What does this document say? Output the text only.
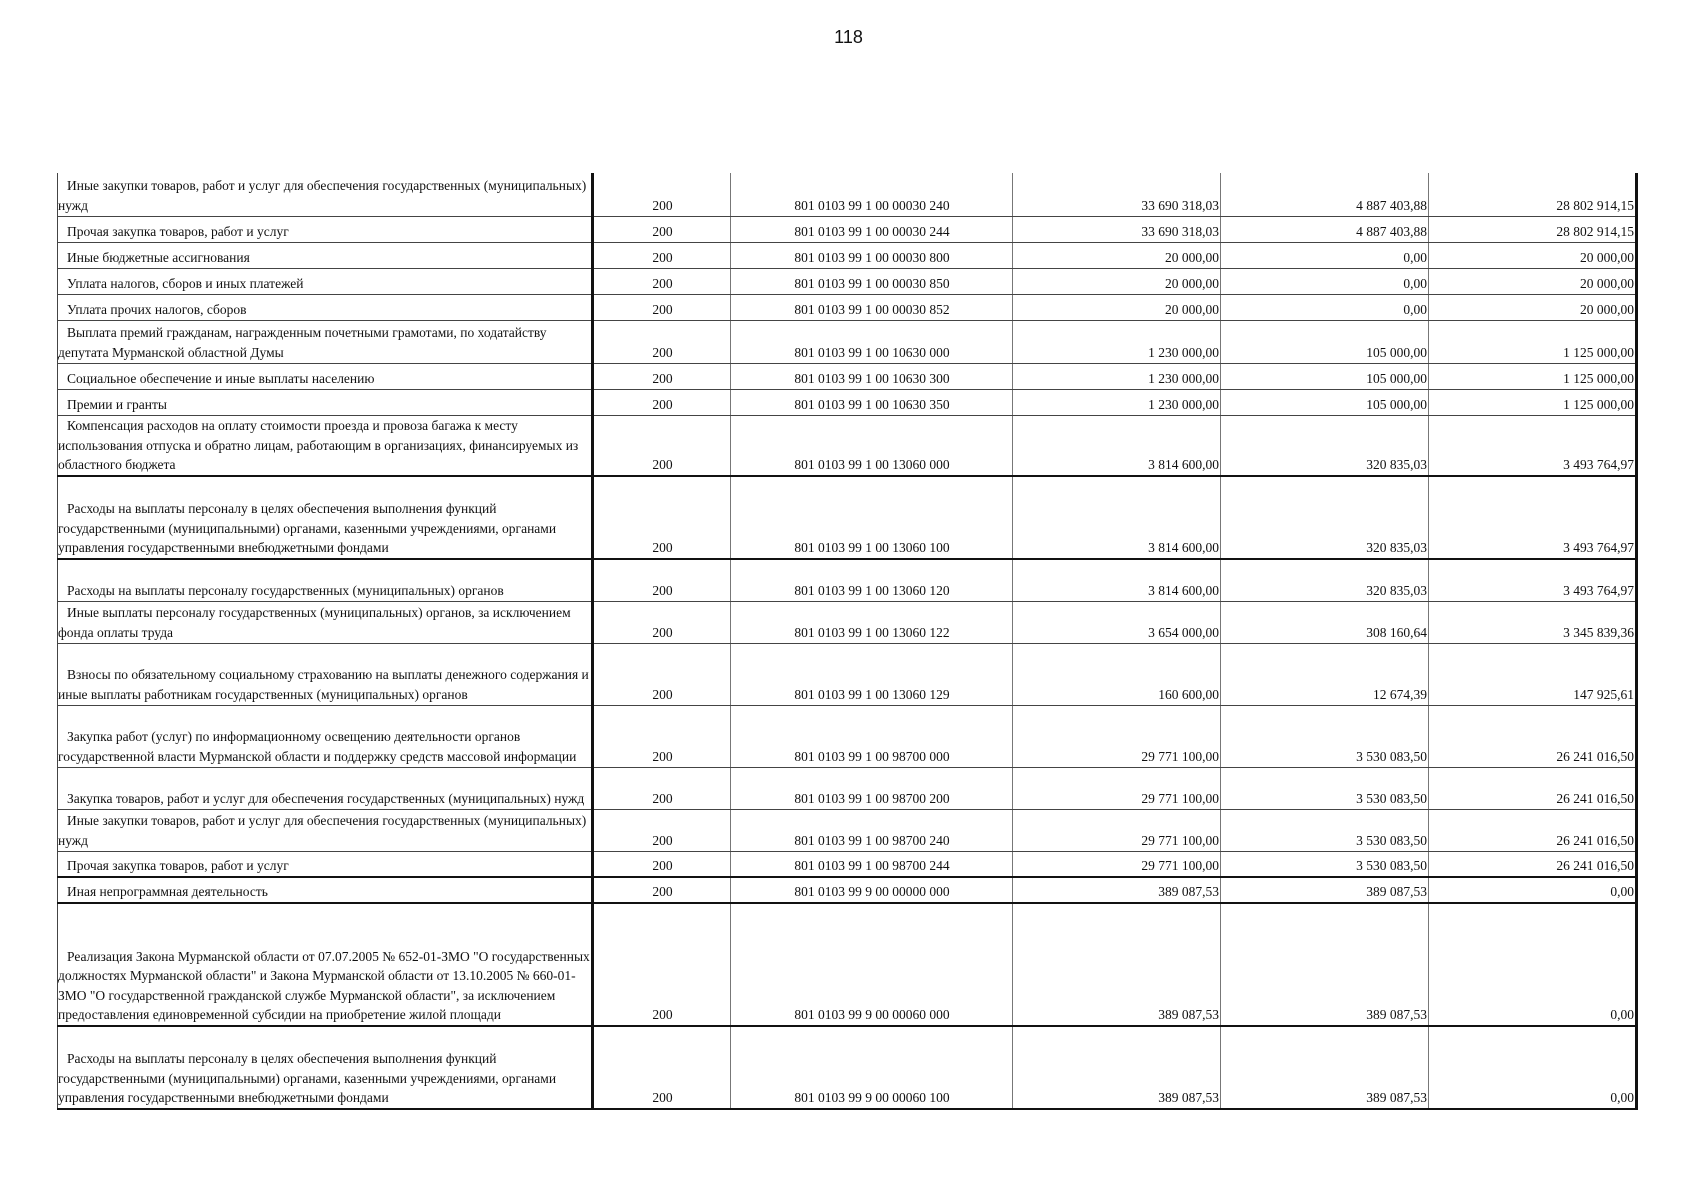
118
Иные закупки товаров, работ и услуг для обеспечения государственных (муниципальных) нужд	200	801 0103 99 1 00 00030 240	33 690 318,03	4 887 403,88	28 802 914,15

Прочая закупка товаров, работ и услуг	200	801 0103 99 1 00 00030 244	33 690 318,03	4 887 403,88	28 802 914,15

Иные бюджетные ассигнования	200	801 0103 99 1 00 00030 800	20 000,00	0,00	20 000,00

Уплата налогов, сборов и иных платежей	200	801 0103 99 1 00 00030 850	20 000,00	0,00	20 000,00

Уплата прочих налогов, сборов	200	801 0103 99 1 00 00030 852	20 000,00	0,00	20 000,00

Выплата премий гражданам, награжденным почетными грамотами, по ходатайству депутата Мурманской областной Думы	200	801 0103 99 1 00 10630 000	1 230 000,00	105 000,00	1 125 000,00

Социальное обеспечение и иные выплаты населению	200	801 0103 99 1 00 10630 300	1 230 000,00	105 000,00	1 125 000,00

Премии и гранты	200	801 0103 99 1 00 10630 350	1 230 000,00	105 000,00	1 125 000,00

Компенсация расходов на оплату стоимости проезда и провоза багажа к месту использования отпуска и обратно лицам, работающим в организациях, финансируемых из областного бюджета	200	801 0103 99 1 00 13060 000	3 814 600,00	320 835,03	3 493 764,97

Расходы на выплаты персоналу в целях обеспечения выполнения функций государственными (муниципальными) органами, казенными учреждениями, органами управления государственными внебюджетными фондами	200	801 0103 99 1 00 13060 100	3 814 600,00	320 835,03	3 493 764,97

Расходы на выплаты персоналу государственных (муниципальных) органов	200	801 0103 99 1 00 13060 120	3 814 600,00	320 835,03	3 493 764,97

Иные выплаты персоналу государственных (муниципальных) органов, за исключением фонда оплаты труда	200	801 0103 99 1 00 13060 122	3 654 000,00	308 160,64	3 345 839,36

Взносы по обязательному социальному страхованию на выплаты денежного содержания и иные выплаты работникам государственных (муниципальных) органов	200	801 0103 99 1 00 13060 129	160 600,00	12 674,39	147 925,61

Закупка работ (услуг) по информационному освещению деятельности органов государственной власти Мурманской области и поддержку средств массовой информации	200	801 0103 99 1 00 98700 000	29 771 100,00	3 530 083,50	26 241 016,50

Закупка товаров, работ и услуг для обеспечения государственных (муниципальных) нужд	200	801 0103 99 1 00 98700 200	29 771 100,00	3 530 083,50	26 241 016,50

Иные закупки товаров, работ и услуг для обеспечения государственных (муниципальных) нужд	200	801 0103 99 1 00 98700 240	29 771 100,00	3 530 083,50	26 241 016,50

Прочая закупка товаров, работ и услуг	200	801 0103 99 1 00 98700 244	29 771 100,00	3 530 083,50	26 241 016,50

Иная непрограммная деятельность	200	801 0103 99 9 00 00000 000	389 087,53	389 087,53	0,00

Реализация Закона Мурманской области от 07.07.2005 № 652-01-ЗМО "О государственных должностях Мурманской области" и Закона Мурманской области от 13.10.2005 № 660-01-ЗМО "О государственной гражданской службе Мурманской области", за исключением предоставления единовременной субсидии на приобретение жилой площади	200	801 0103 99 9 00 00060 000	389 087,53	389 087,53	0,00

Расходы на выплаты персоналу в целях обеспечения выполнения функций государственными (муниципальными) органами, казенными учреждениями, органами управления государственными внебюджетными фондами	200	801 0103 99 9 00 00060 100	389 087,53	389 087,53	0,00
